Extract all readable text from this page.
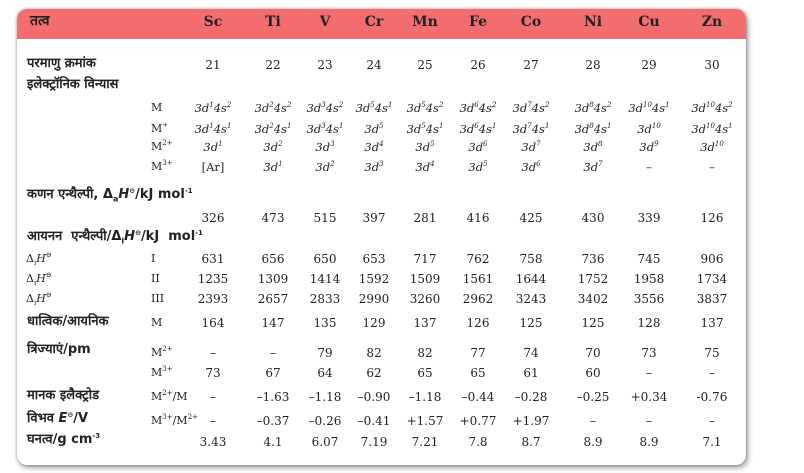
तत्व	Sc	Ti	V	Cr	Mn	Fe	Co	Ni	Cu	Zn
परमाणु क्रमांक	21	22	23	24	25	26	27	28	29	30
इलेक्ट्रॉनिक विन्यास
M	$3d^14s^2$	$3d^24s^2$	$3d^34s^2$	$3d^54s^1$	$3d^54s^2$	$3d^64s^2$	$3d^74s^2$	$3d^84s^2$	$3d^{10}4s^1$	$3d^{10}4s^2$
M+	$3d^14s^1$	$3d^24s^1$	$3d^34s^1$	$3d^5$	$3d^54s^1$	$3d^64s^1$	$3d^74s^1$	$3d^84s^1$	$3d^{10}$	$3d^{10}4s^1$
$M^{2+}$	$3d^1$	$3d^2$	$3d^3$	$3d^4$	$3d^5$	$3d^6$	$3d^7$	$3d^8$	$3d^9$	$3d^{10}$
$M^{3+}$	[Ar]	$3d^1$	$3d^2$	$3d^3$	$3d^4$	$3d^5$	$3d^6$	$3d^7$	–	–
कणन एन्थैल्पी, $\Delta_aH^⊖/kJ$ mol$^{-1}$
326	473	515	397	281	416	425	430	339	126
आयनन  $एन्थैल्पी/\Delta_iH^⊖/kJ$  mol$^{-1}$
$\Delta_iH^⊖$	I	631	656	650	653	717	762	758	736	745	906
$\Delta_iH^⊖$	II	1235	1309	1414	1592	1509	1561	1644	1752	1958	1734
$\Delta_iH^⊖$	III	2393	2657	2833	2990	3260	2962	3243	3402	3556	3837
धात्विक/आयनिक
त्रिज्याएं/pm
M	164	147	135	129	137	126	125	125	128	137
$M^{2+}$	–	–	79	82	82	77	74	70	73	75
$M^{3+}$	73	67	64	62	65	65	61	60	–	–
मानक इलैक्ट्रोड
विभव E⊖/V
$M^{2+}/M$	–	–1.63	–1.18	–0.90	–1.18	–0.44	–0.28	–0.25	+0.34	-0.76
$M^{3+}/M^{2+}$	–	–0.37	–0.26	–0.41	+1.57	+0.77	+1.97	–	–	–
घनत्व/g $cm^{-3}$	3.43	4.1	6.07	7.19	7.21	7.8	8.7	8.9	8.9	7.1
